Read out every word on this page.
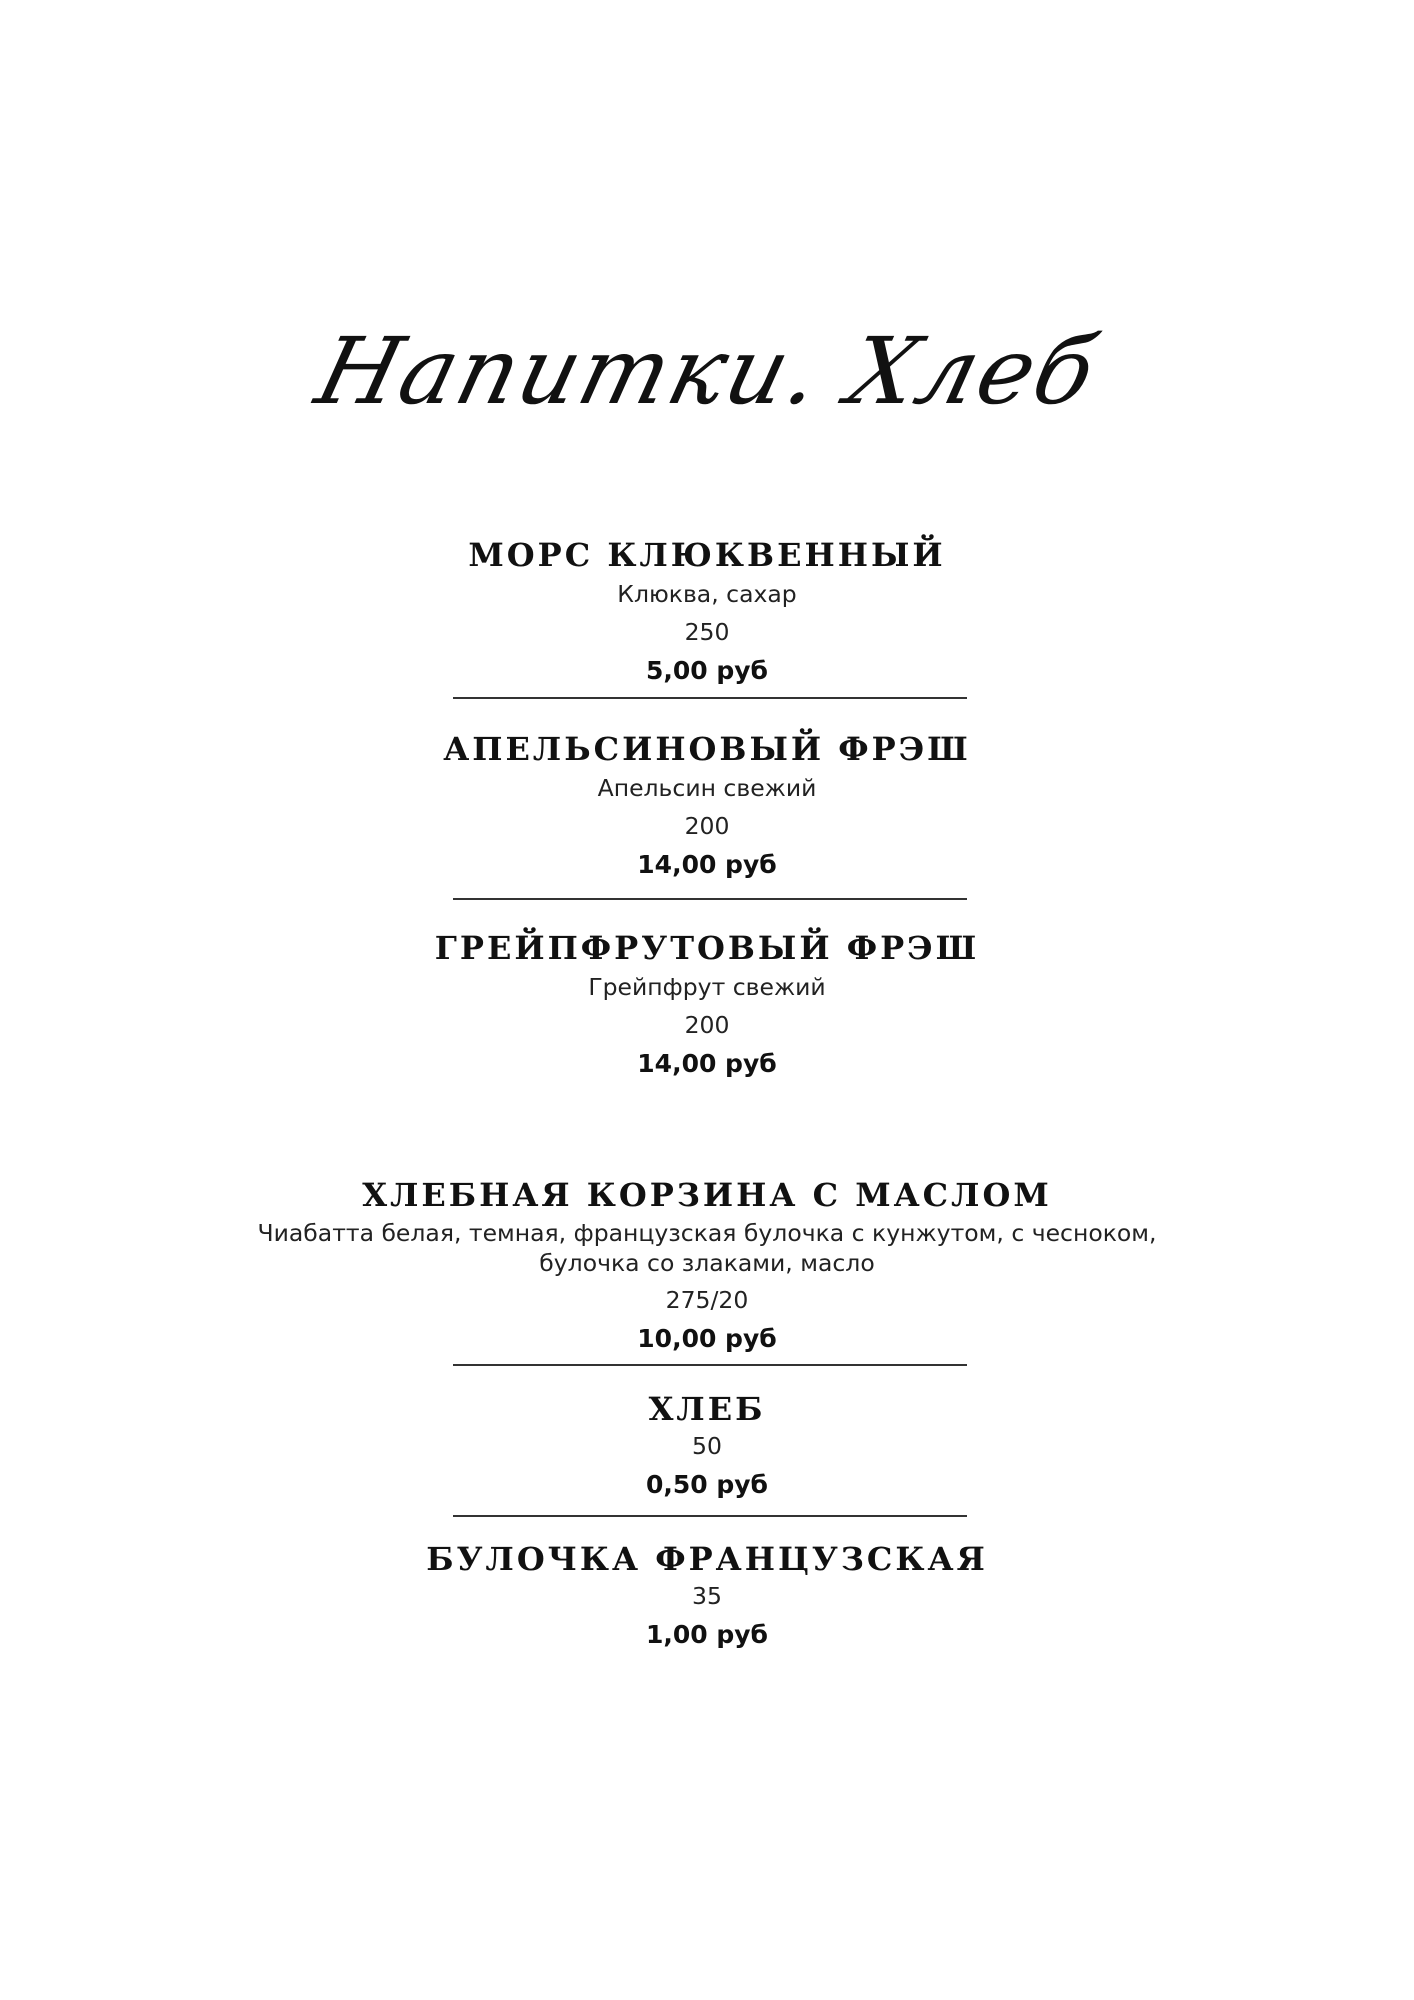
Напитки. Хлеб
МОРС КЛЮКВЕННЫЙ
Клюква, сахар
250
5,00 руб
АПЕЛЬСИНОВЫЙ ФРЭШ
Апельсин свежий
200
14,00 руб
ГРЕЙПФРУТОВЫЙ ФРЭШ
Грейпфрут свежий
200
14,00 руб
ХЛЕБНАЯ КОРЗИНА С МАСЛОМ
Чиабатта белая, темная, французская булочка с кунжутом, с чесноком,
булочка со злаками, масло
275/20
10,00 руб
ХЛЕБ
50
0,50 руб
БУЛОЧКА ФРАНЦУЗСКАЯ
35
1,00 руб
